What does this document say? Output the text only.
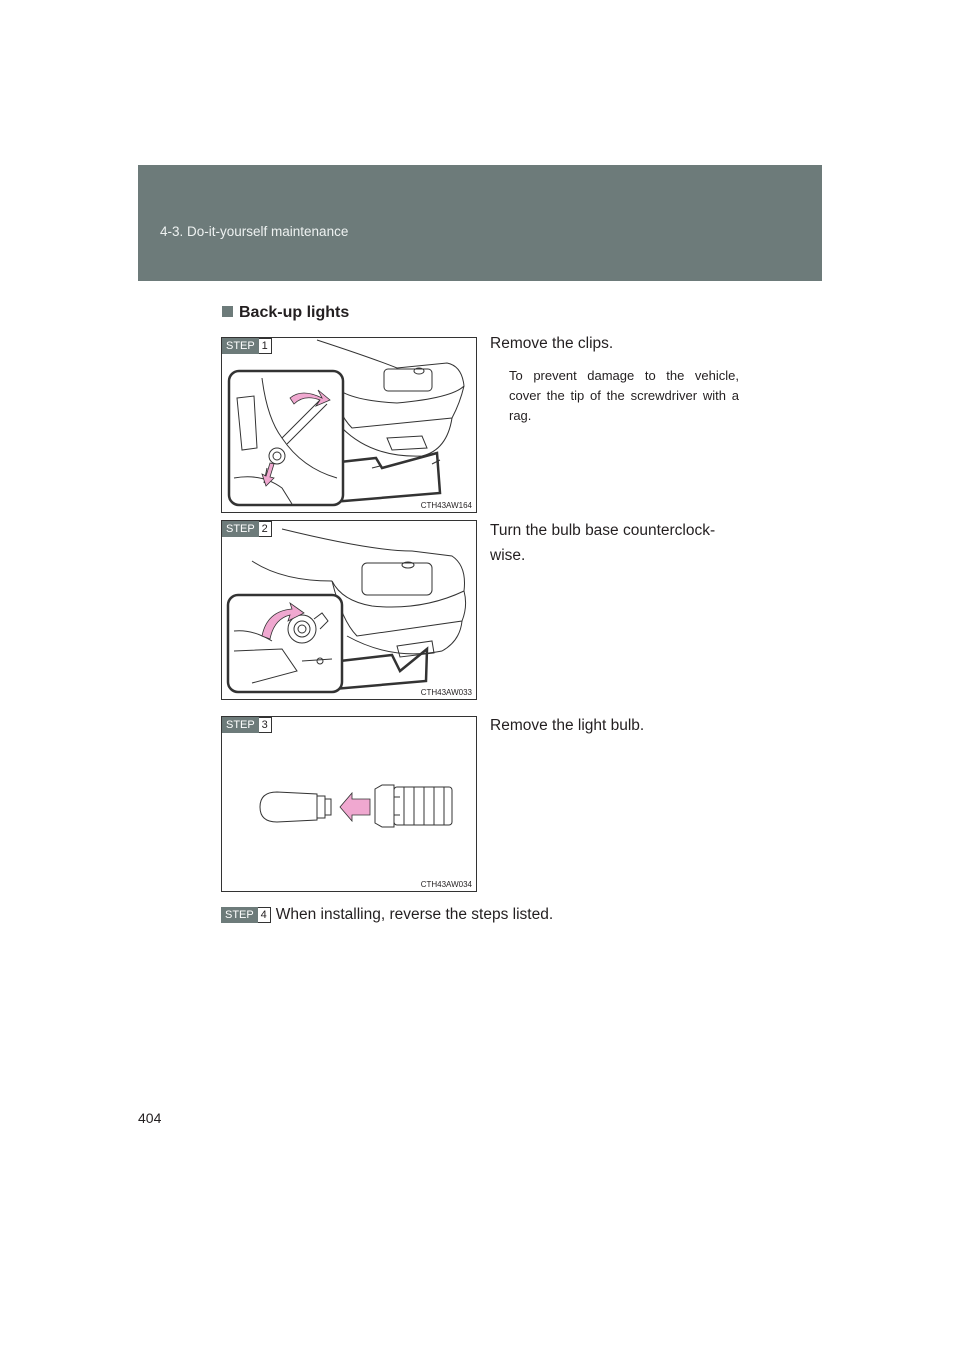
4-3. Do-it-yourself maintenance
Back-up lights
STEP 1
CTH43AW164
Remove the clips.
To prevent damage to the vehicle, cover the tip of the screwdriver with a rag.
STEP 2
CTH43AW033
Turn the bulb base counterclock-wise.
STEP 3
CTH43AW034
Remove the light bulb.
STEP 4 When installing, reverse the steps listed.
404
